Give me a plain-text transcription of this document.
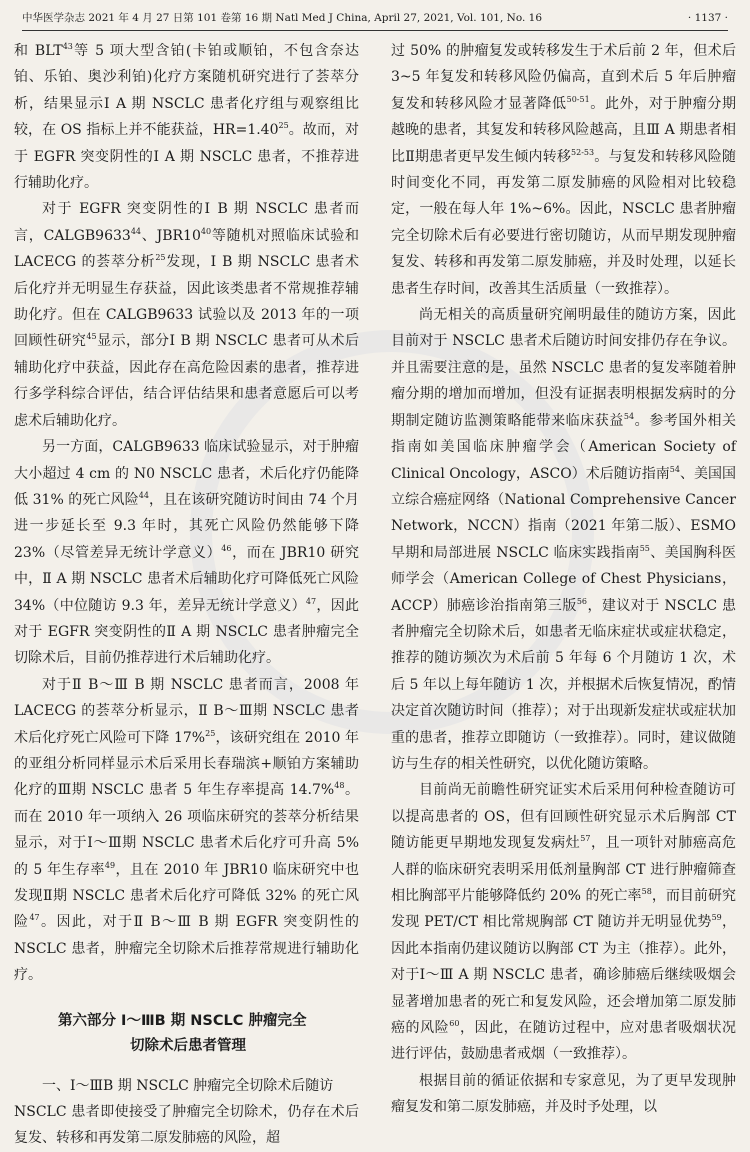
中华医学杂志 2021 年 4 月 27 日第 101 卷第 16 期 Natl Med J China, April 27, 2021, Vol. 101, No. 16	· 1137 ·

和 BLT$^{43}$等 5 项大型含铂(卡铂或顺铂，不包含奈达铂、乐铂、奥沙利铂)化疗方案随机研究进行了荟萃分析，结果显示Ⅰ A 期 NSCLC 患者化疗组与观察组比较，在 OS 指标上并不能获益，$HR=1.40^{25}$。故而，对于 EGFR 突变阴性的Ⅰ A 期 NSCLC 患者，不推荐进行辅助化疗。

对于 EGFR 突变阴性的Ⅰ B 期 NSCLC 患者而言，CALGB9633$^{44}$、$JBR10^{40}$等随机对照临床试验和 LACECG 的荟萃分析$^{25}$发现，Ⅰ B 期 NSCLC 患者术后化疗并无明显生存获益，因此该类患者不常规推荐辅助化疗。但在 CALGB9633 试验以及 2013 年的一项回顾性研究$^{45}$显示，部分Ⅰ B 期 NSCLC 患者可从术后辅助化疗中获益，因此存在高危险因素的患者，推荐进行多学科综合评估，结合评估结果和患者意愿后可以考虑术后辅助化疗。

另一方面，CALGB9633 临床试验显示，对于肿瘤大小超过 4 cm 的 N0 NSCLC 患者，术后化疗仍能降低 31% 的死亡风险$^{44}$，且在该研究随访时间由 74 个月进一步延长至 9.3 年时，其死亡风险仍然能够下降 23%（尽管差异无统计学意义）$^{46}$，而在 JBR10 研究中，Ⅱ A 期 NSCLC 患者术后辅助化疗可降低死亡风险 34%（中位随访 9.3 年，差异无统计学意义）$^{47}$，因此对于 EGFR 突变阴性的Ⅱ A 期 NSCLC 患者肿瘤完全切除术后，目前仍推荐进行术后辅助化疗。

对于Ⅱ B～Ⅲ B 期 NSCLC 患者而言，2008 年 LACECG 的荟萃分析显示，Ⅱ B～Ⅲ期 NSCLC 患者术后化疗死亡风险可下降 17%$^{25}$，该研究组在 2010 年的亚组分析同样显示术后采用长春瑞滨+顺铂方案辅助化疗的Ⅲ期 NSCLC 患者 5 年生存率提高 14.7%$^{48}$。而在 2010 年一项纳入 26 项临床研究的荟萃分析结果显示，对于Ⅰ～Ⅲ期 NSCLC 患者术后化疗可升高 5% 的 5 年生存率$^{49}$，且在 2010 年 JBR10 临床研究中也发现Ⅱ期 NSCLC 患者术后化疗可降低 32% 的死亡风险$^{47}$。因此，对于Ⅱ B～Ⅲ B 期 EGFR 突变阴性的 NSCLC 患者，肿瘤完全切除术后推荐常规进行辅助化疗。

第六部分 Ⅰ～ⅢB 期 NSCLC 肿瘤完全
切除术后患者管理

一、Ⅰ～ⅢB 期 NSCLC 肿瘤完全切除术后随访

NSCLC 患者即使接受了肿瘤完全切除术，仍存在术后复发、转移和再发第二原发肺癌的风险，超

过 50% 的肿瘤复发或转移发生于术后前 2 年，但术后 3~5 年复发和转移风险仍偏高，直到术后 5 年后肿瘤复发和转移风险才显著降低$^{50-51}$。此外，对于肿瘤分期越晚的患者，其复发和转移风险越高，且Ⅲ A 期患者相比Ⅱ期患者更早发生倾内转移$^{52-53}$。与复发和转移风险随时间变化不同，再发第二原发肺癌的风险相对比较稳定，一般在每人年 1%~6%。因此，NSCLC 患者肿瘤完全切除术后有必要进行密切随访，从而早期发现肿瘤复发、转移和再发第二原发肺癌，并及时处理，以延长患者生存时间，改善其生活质量（一致推荐）。

尚无相关的高质量研究阐明最佳的随访方案，因此目前对于 NSCLC 患者术后随访时间安排仍存在争议。并且需要注意的是，虽然 NSCLC 患者的复发率随着肿瘤分期的增加而增加，但没有证据表明根据发病时的分期制定随访监测策略能带来临床获益$^{54}$。参考国外相关指南如美国临床肿瘤学会（American Society of Clinical Oncology，ASCO）术后随访指南$^{54}$、美国国立综合癌症网络（National Comprehensive Cancer Network，NCCN）指南（2021 年第二版）、ESMO 早期和局部进展 NSCLC 临床实践指南$^{55}$、美国胸科医师学会（American College of Chest Physicians，ACCP）肺癌诊治指南第三版$^{56}$，建议对于 NSCLC 患者肿瘤完全切除术后，如患者无临床症状或症状稳定，推荐的随访频次为术后前 5 年每 6 个月随访 1 次，术后 5 年以上每年随访 1 次，并根据术后恢复情况，酌情决定首次随访时间（推荐）；对于出现新发症状或症状加重的患者，推荐立即随访（一致推荐）。同时，建议做随访与生存的相关性研究，以优化随访策略。

目前尚无前瞻性研究证实术后采用何种检查随访可以提高患者的 OS，但有回顾性研究显示术后胸部 CT 随访能更早期地发现复发病灶$^{57}$，且一项针对肺癌高危人群的临床研究表明采用低剂量胸部 CT 进行肿瘤筛查相比胸部平片能够降低约 20% 的死亡率$^{58}$，而目前研究发现 PET/CT 相比常规胸部 CT 随访并无明显优势$^{59}$，因此本指南仍建议随访以胸部 CT 为主（推荐）。此外，对于Ⅰ～Ⅲ A 期 NSCLC 患者，确诊肺癌后继续吸烟会显著增加患者的死亡和复发风险，还会增加第二原发肺癌的风险$^{60}$，因此，在随访过程中，应对患者吸烟状况进行评估，鼓励患者戒烟（一致推荐）。

根据目前的循证依据和专家意见，为了更早发现肿瘤复发和第二原发肺癌，并及时予处理，以
